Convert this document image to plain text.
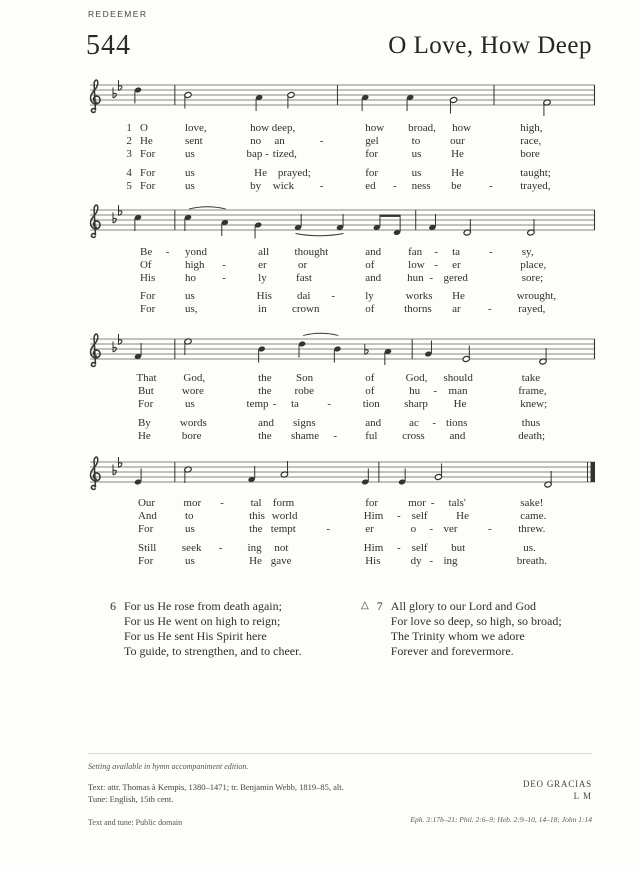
REDEEMER
544	O Love, How Deep
1 O	love,	how deep,	how broad, how	high,
2 He	sent	no an	-	gel	to	our	race,
3 For	us	bap - tized,	for	us	He	bore
4 For	us	He prayed;	for	us	He	taught;
5 For	us	by wick -	ed - ness be -	trayed,
Be - yond	all thought	and fan - ta	-	sy,
Of	high -	er	or	of	low - er	place,
His	ho -	ly	fast	and hun - gered	sore;
For	us	His dai -	ly	works He	wrought,
For	us,	in crown	of	thorns ar - rayed,
That God,	the Son	of	God, should	take
But	wore	the robe	of	hu - man	frame,
For	us	temp - ta	-	tion sharp He	knew;
By	words	and signs	and	ac - tions	thus
He	bore	the shame -	ful cross and	death;
Our	mor - tal form	for	mor - tals'	sake!
And	to	this world	Him - self	He	came.
For	us	the tempt	-	er	o - ver	- threw.
Still seek - ing not	Him - self but	us.
For	us	He gave	His	dy - ing	breath.
6 For us He rose from death again;

For us He went on high to reign;

For us He sent His Spirit here

To guide, to strengthen, and to cheer.

△ 7 All glory to our Lord and God

For love so deep, so high, so broad;

The Trinity whom we adore

Forever and forevermore.

Setting available in hymn accompaniment edition.
Text: attr. Thomas à Kempis, 1380–1471; tr. Benjamin Webb, 1819–85, alt.
Tune: English, 15th cent.
Text and tune: Public domain
DEO GRACIAS
L M
Eph. 3:17b–21; Phil. 2:6–9; Heb. 2:9–10, 14–18; John 1:14
